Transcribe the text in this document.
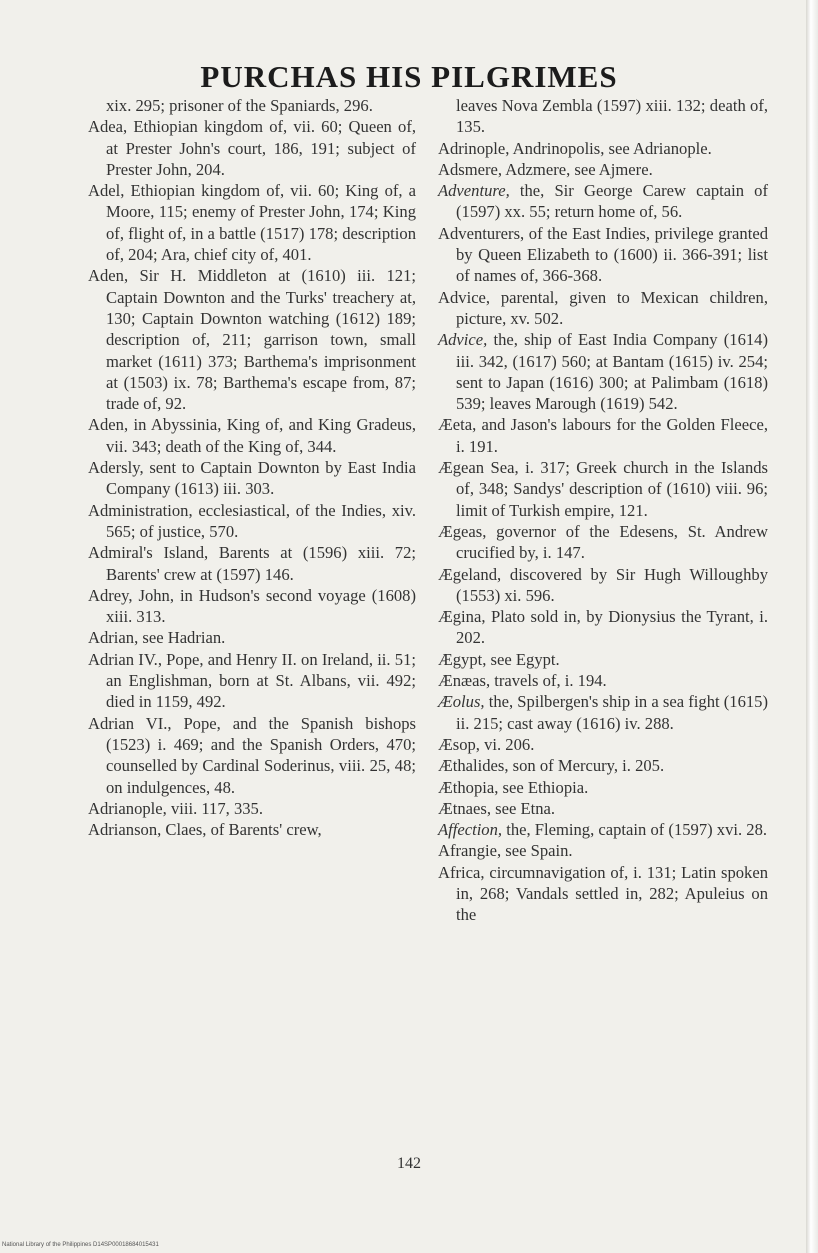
PURCHAS HIS PILGRIMES

xix. 295; prisoner of the Spaniards, 296.

Adea, Ethiopian kingdom of, vii. 60; Queen of, at Prester John's court, 186, 191; subject of Prester John, 204.

Adel, Ethiopian kingdom of, vii. 60; King of, a Moore, 115; enemy of Prester John, 174; King of, flight of, in a battle (1517) 178; description of, 204; Ara, chief city of, 401.

Aden, Sir H. Middleton at (1610) iii. 121; Captain Downton and the Turks' treachery at, 130; Captain Downton watching (1612) 189; description of, 211; garrison town, small market (1611) 373; Barthema's imprisonment at (1503) ix. 78; Barthema's escape from, 87; trade of, 92.

Aden, in Abyssinia, King of, and King Gradeus, vii. 343; death of the King of, 344.

Adersly, sent to Captain Downton by East India Company (1613) iii. 303.

Administration, ecclesiastical, of the Indies, xiv. 565; of justice, 570.

Admiral's Island, Barents at (1596) xiii. 72; Barents' crew at (1597) 146.

Adrey, John, in Hudson's second voyage (1608) xiii. 313.

Adrian, see Hadrian.

Adrian IV., Pope, and Henry II. on Ireland, ii. 51; an Englishman, born at St. Albans, vii. 492; died in 1159, 492.

Adrian VI., Pope, and the Spanish bishops (1523) i. 469; and the Spanish Orders, 470; counselled by Cardinal Soderinus, viii. 25, 48; on indulgences, 48.

Adrianople, viii. 117, 335.

Adrianson, Claes, of Barents' crew,

leaves Nova Zembla (1597) xiii. 132; death of, 135.

Adrinople, Andrinopolis, see Adrianople.

Adsmere, Adzmere, see Ajmere.

Adventure, the, Sir George Carew captain of (1597) xx. 55; return home of, 56.

Adventurers, of the East Indies, privilege granted by Queen Elizabeth to (1600) ii. 366-391; list of names of, 366-368.

Advice, parental, given to Mexican children, picture, xv. 502.

Advice, the, ship of East India Company (1614) iii. 342, (1617) 560; at Bantam (1615) iv. 254; sent to Japan (1616) 300; at Palimbam (1618) 539; leaves Marough (1619) 542.

Æeta, and Jason's labours for the Golden Fleece, i. 191.

Ægean Sea, i. 317; Greek church in the Islands of, 348; Sandys' description of (1610) viii. 96; limit of Turkish empire, 121.

Ægeas, governor of the Edesens, St. Andrew crucified by, i. 147.

Ægeland, discovered by Sir Hugh Willoughby (1553) xi. 596.

Ægina, Plato sold in, by Dionysius the Tyrant, i. 202.

Ægypt, see Egypt.

Ænæas, travels of, i. 194.

Æolus, the, Spilbergen's ship in a sea fight (1615) ii. 215; cast away (1616) iv. 288.

Æsop, vi. 206.

Æthalides, son of Mercury, i. 205.

Æthopia, see Ethiopia.

Ætnaes, see Etna.

Affection, the, Fleming, captain of (1597) xvi. 28.

Afrangie, see Spain.

Africa, circumnavigation of, i. 131; Latin spoken in, 268; Vandals settled in, 282; Apuleius on the

142
National Library of the Philippines D14SP00018684015431
